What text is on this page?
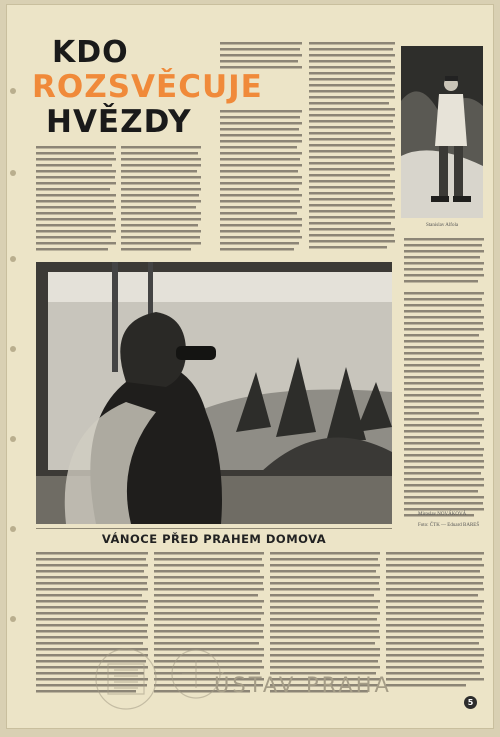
KDO
ROZSVĚCUJE
HVĚZDY
Stanislav Alfola
Miroslav NOVÁKOVÁ
Foto: ČTK — Eduard BAREŠ
VÁNOCE PŘED PRAHEM DOMOVA
ÚSTAV PRAHA
5
